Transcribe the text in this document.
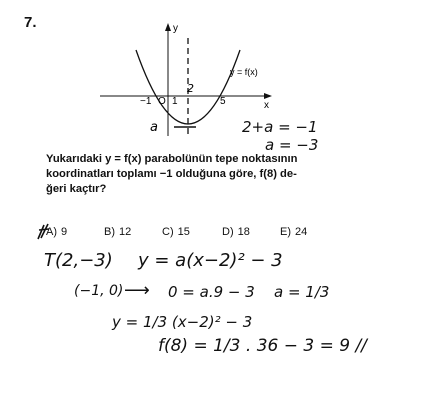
7.	y
x
y = f(x)
−1 O 1	5
2
a	2+a = −1
a = −3
Yukarıdaki y = f(x) parabolünün tepe noktasının
koordinatları toplamı −1 olduğuna göre, f(8) de-
ğeri kaçtır?
A) 9	B) 12	C) 15	D) 18	E) 24
T(2,−3) y = a(x−2)² − 3
(−1, 0) ⟶ 0 = a.9 − 3 a = 1/3
y = 1/3 (x−2)² − 3
f(8) = 1/3 . 36 − 3 = 9 //
